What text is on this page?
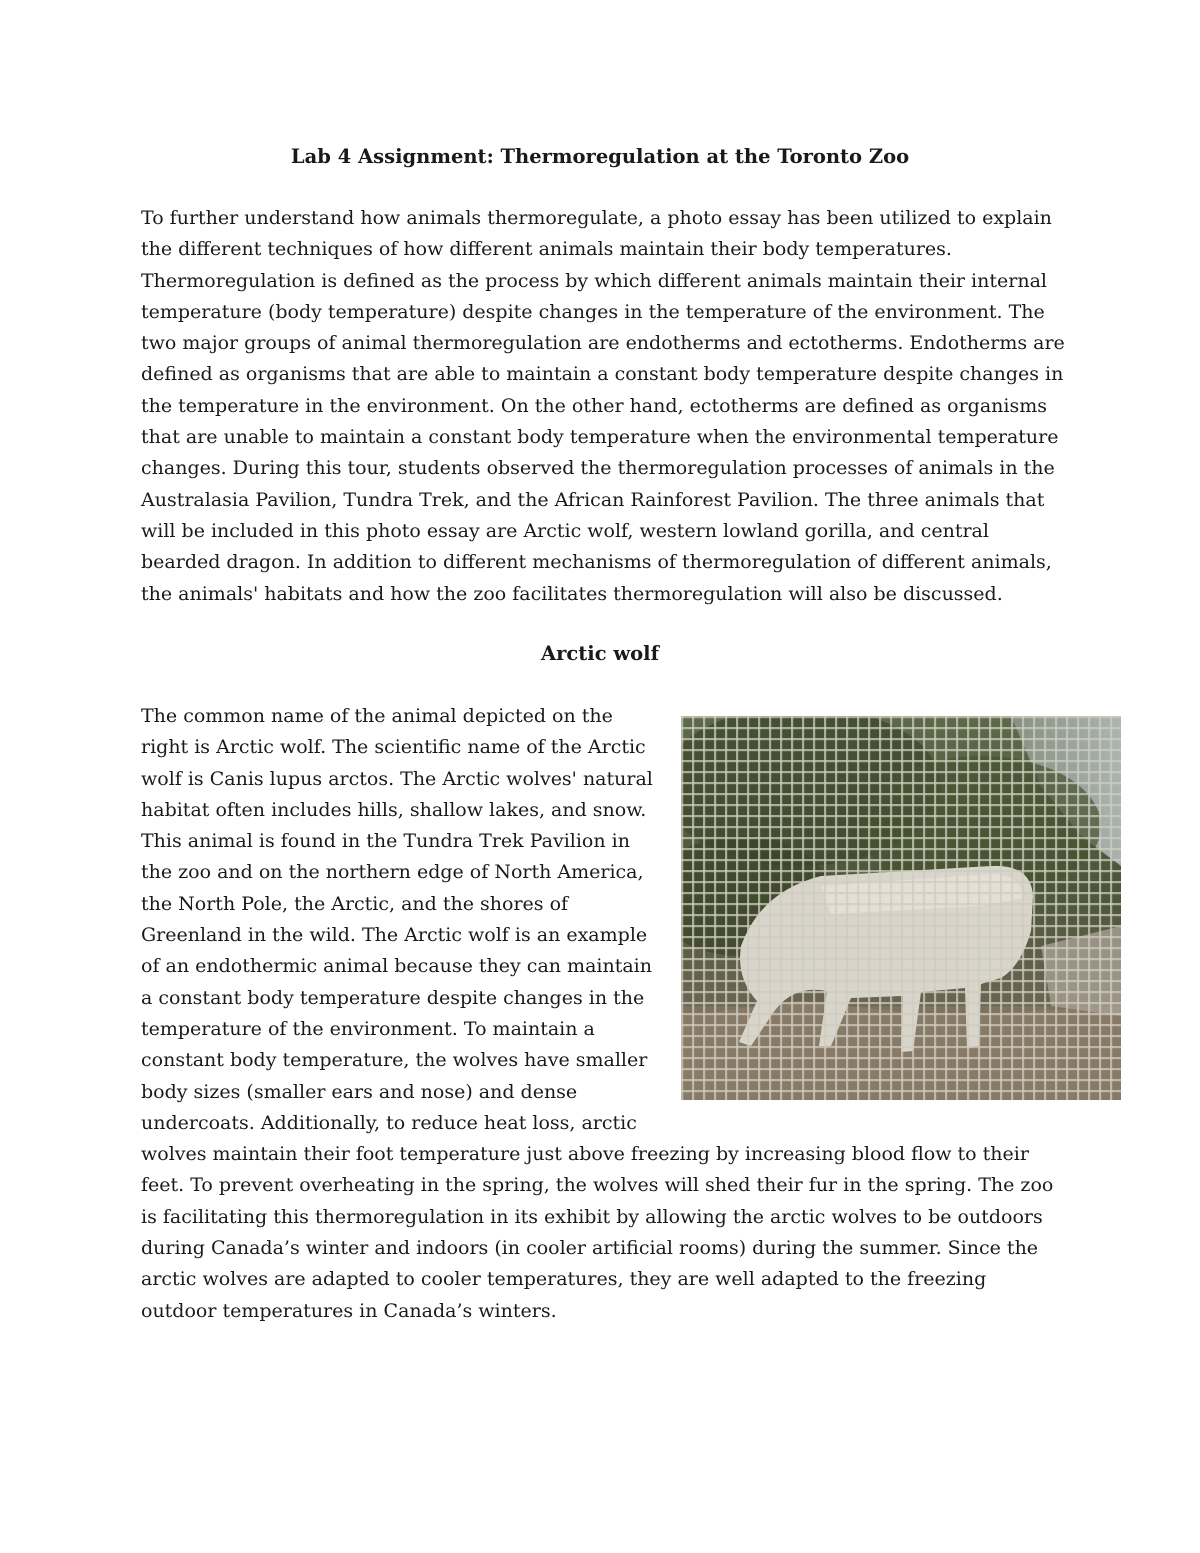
Lab 4 Assignment: Thermoregulation at the Toronto Zoo

To further understand how animals thermoregulate, a photo essay has been utilized to explain the different techniques of how different animals maintain their body temperatures. Thermoregulation is defined as the process by which different animals maintain their internal temperature (body temperature) despite changes in the temperature of the environment. The two major groups of animal thermoregulation are endotherms and ectotherms. Endotherms are defined as organisms that are able to maintain a constant body temperature despite changes in the temperature in the environment. On the other hand, ectotherms are defined as organisms that are unable to maintain a constant body temperature when the environmental temperature changes. During this tour, students observed the thermoregulation processes of animals in the Australasia Pavilion, Tundra Trek, and the African Rainforest Pavilion. The three animals that will be included in this photo essay are Arctic wolf, western lowland gorilla, and central bearded dragon. In addition to different mechanisms of thermoregulation of different animals, the animals' habitats and how the zoo facilitates thermoregulation will also be discussed.

Arctic wolf

The common name of the animal depicted on the right is Arctic wolf. The scientific name of the Arctic wolf is Canis lupus arctos. The Arctic wolves' natural habitat often includes hills, shallow lakes, and snow. This animal is found in the Tundra Trek Pavilion in the zoo and on the northern edge of North America, the North Pole, the Arctic, and the shores of Greenland in the wild. The Arctic wolf is an example of an endothermic animal because they can maintain a constant body temperature despite changes in the temperature of the environment. To maintain a constant body temperature, the wolves have smaller body sizes (smaller ears and nose) and dense undercoats. Additionally, to reduce heat loss, arctic wolves maintain their foot temperature just above freezing by increasing blood flow to their feet. To prevent overheating in the spring, the wolves will shed their fur in the spring. The zoo is facilitating this thermoregulation in its exhibit by allowing the arctic wolves to be outdoors during Canada’s winter and indoors (in cooler artificial rooms) during the summer. Since the arctic wolves are adapted to cooler temperatures, they are well adapted to the freezing outdoor temperatures in Canada’s winters.
